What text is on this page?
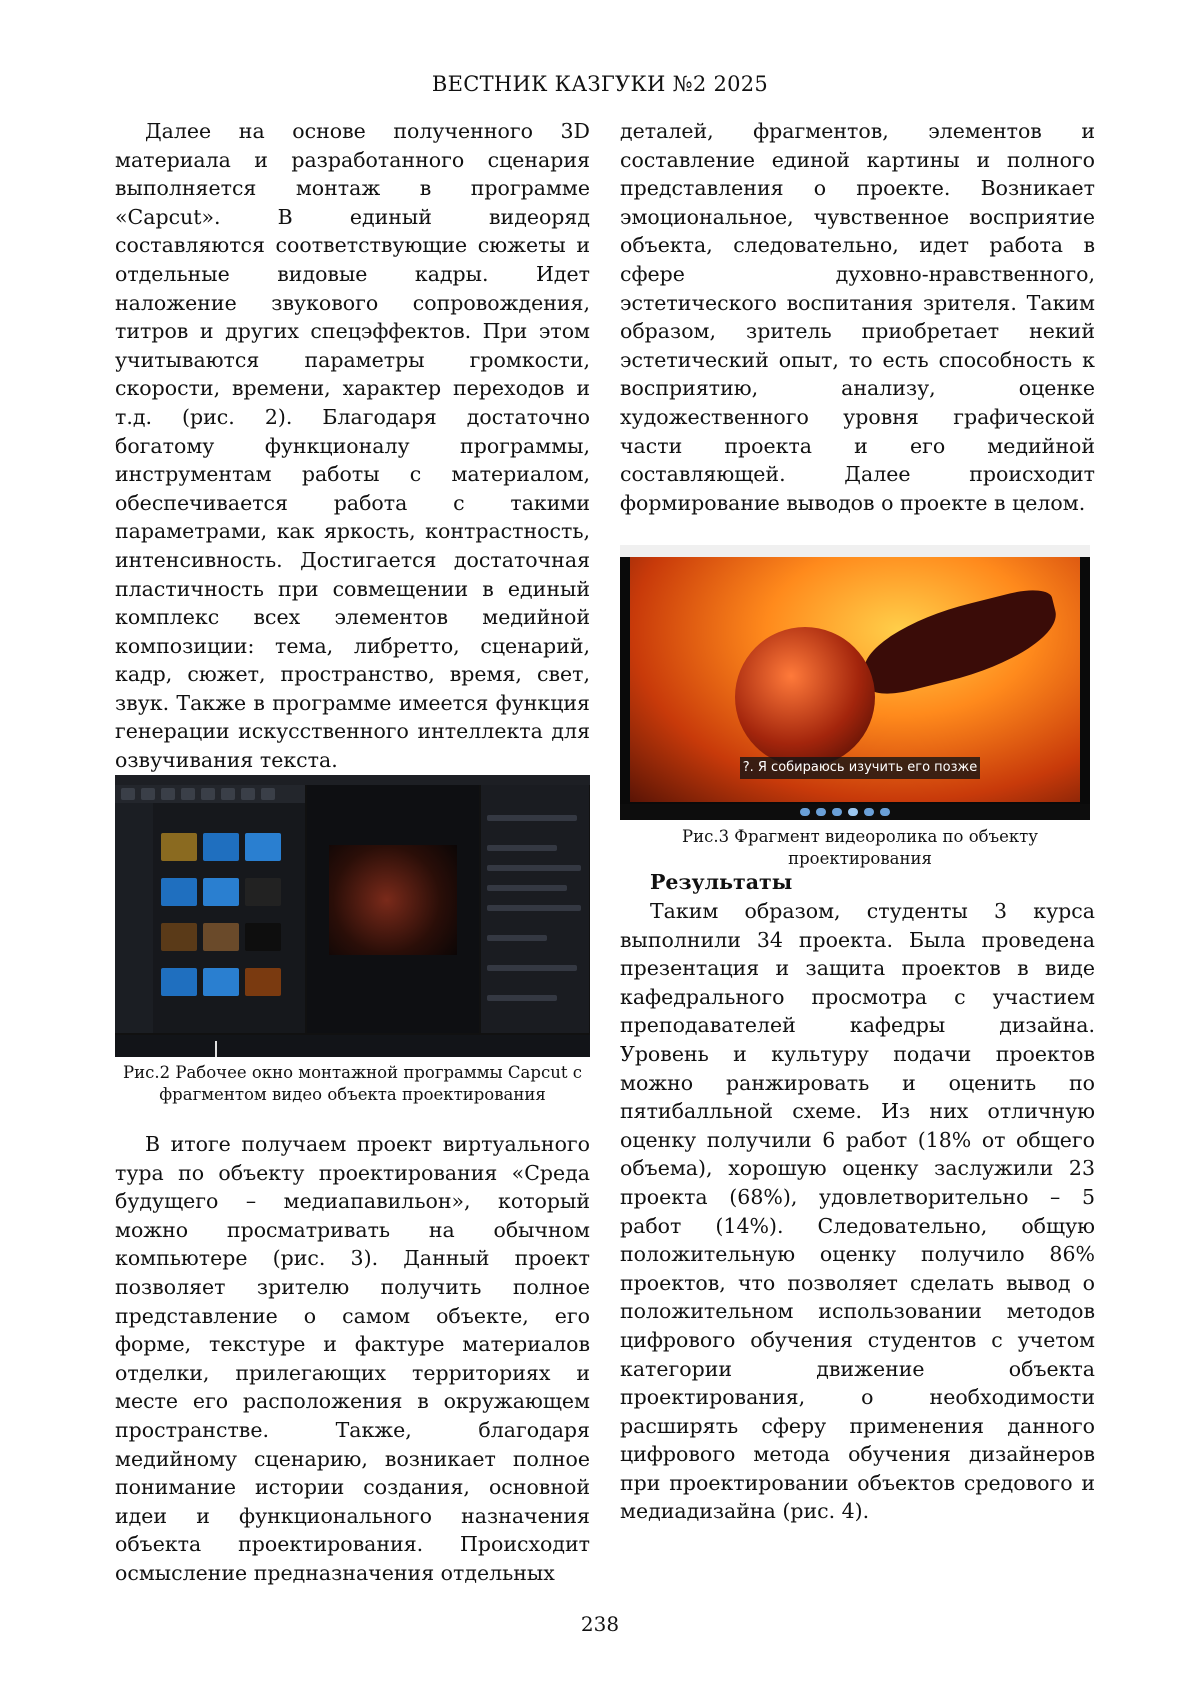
ВЕСТНИК КАЗГУКИ №2 2025

Далее на основе полученного 3D материала и разработанного сценария выполняется монтаж в программе «Capcut». В единый видеоряд составляются соответствующие сюжеты и отдельные видовые кадры. Идет наложение звукового сопровождения, титров и других спецэффектов. При этом учитываются параметры громкости, скорости, времени, характер переходов и т.д. (рис. 2). Благодаря достаточно богатому функционалу программы, инструментам работы с материалом, обеспечивается работа с такими параметрами, как яркость, контрастность, интенсивность. Достигается достаточная пластичность при совмещении в единый комплекс всех элементов медийной композиции: тема, либретто, сценарий, кадр, сюжет, пространство, время, свет, звук. Также в программе имеется функция генерации искусственного интеллекта для озвучивания текста.

Рис.2 Рабочее окно монтажной программы Capcut с фрагментом видео объекта проектирования

В итоге получаем проект виртуального тура по объекту проектирования «Среда будущего – медиапавильон», который можно просматривать на обычном компьютере (рис. 3). Данный проект позволяет зрителю получить полное представление о самом объекте, его форме, текстуре и фактуре материалов отделки, прилегающих территориях и месте его расположения в окружающем пространстве. Также, благодаря медийному сценарию, возникает полное понимание истории создания, основной идеи и функционального назначения объекта проектирования. Происходит осмысление предназначения отдельных

деталей, фрагментов, элементов и составление единой картины и полного представления о проекте. Возникает эмоциональное, чувственное восприятие объекта, следовательно, идет работа в сфере духовно-нравственного, эстетического воспитания зрителя. Таким образом, зритель приобретает некий эстетический опыт, то есть способность к восприятию, анализу, оценке художественного уровня графической части проекта и его медийной составляющей. Далее происходит формирование выводов о проекте в целом.

?. Я собираюсь изучить его позже
Рис.3 Фрагмент видеоролика по объекту проектирования
Результаты

Таким образом, студенты 3 курса выполнили 34 проекта. Была проведена презентация и защита проектов в виде кафедрального просмотра с участием преподавателей кафедры дизайна. Уровень и культуру подачи проектов можно ранжировать и оценить по пятибалльной схеме. Из них отличную оценку получили 6 работ (18% от общего объема), хорошую оценку заслужили 23 проекта (68%), удовлетворительно – 5 работ (14%). Следовательно, общую положительную оценку получило 86% проектов, что позволяет сделать вывод о положительном использовании методов цифрового обучения студентов с учетом категории движение объекта проектирования, о необходимости расширять сферу применения данного цифрового метода обучения дизайнеров при проектировании объектов средового и медиадизайна (рис. 4).

238
